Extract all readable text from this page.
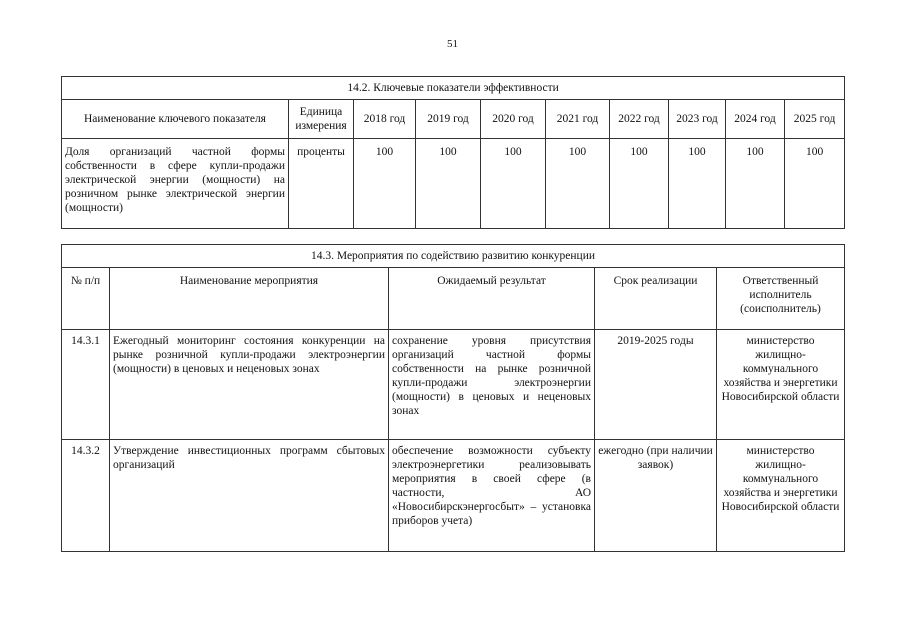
51
14.2. Ключевые показатели эффективности									
Наименование ключевого показателя	Единица измерения	2018 год	2019 год	2020 год	2021 год	2022 год	2023 год	2024 год	2025 год
Доля организаций частной формы собственности в сфере купли-продажи электрической энергии (мощности) на розничном рынке электрической энергии (мощности)	проценты	100	100	100	100	100	100	100	100
14.3. Мероприятия по содействию развитию конкуренции				
№ п/п	Наименование мероприятия	Ожидаемый результат	Срок реализации	Ответственный исполнитель (соисполнитель)
14.3.1	Ежегодный мониторинг состояния конкуренции на рынке розничной купли-продажи электроэнергии (мощности) в ценовых и неценовых зонах	сохранение уровня присутствия организаций частной формы собственности на рынке розничной купли-продажи электроэнергии (мощности) в ценовых и неценовых зонах	2019-2025 годы	министерство жилищно-коммунального хозяйства и энергетики Новосибирской области
14.3.2	Утверждение инвестиционных программ сбытовых организаций	обеспечение возможности субъекту электроэнергетики реализовывать мероприятия в своей сфере (в частности, АО «Новосибирскэнергосбыт» – установка приборов учета)	ежегодно (при наличии заявок)	министерство жилищно-коммунального хозяйства и энергетики Новосибирской области
